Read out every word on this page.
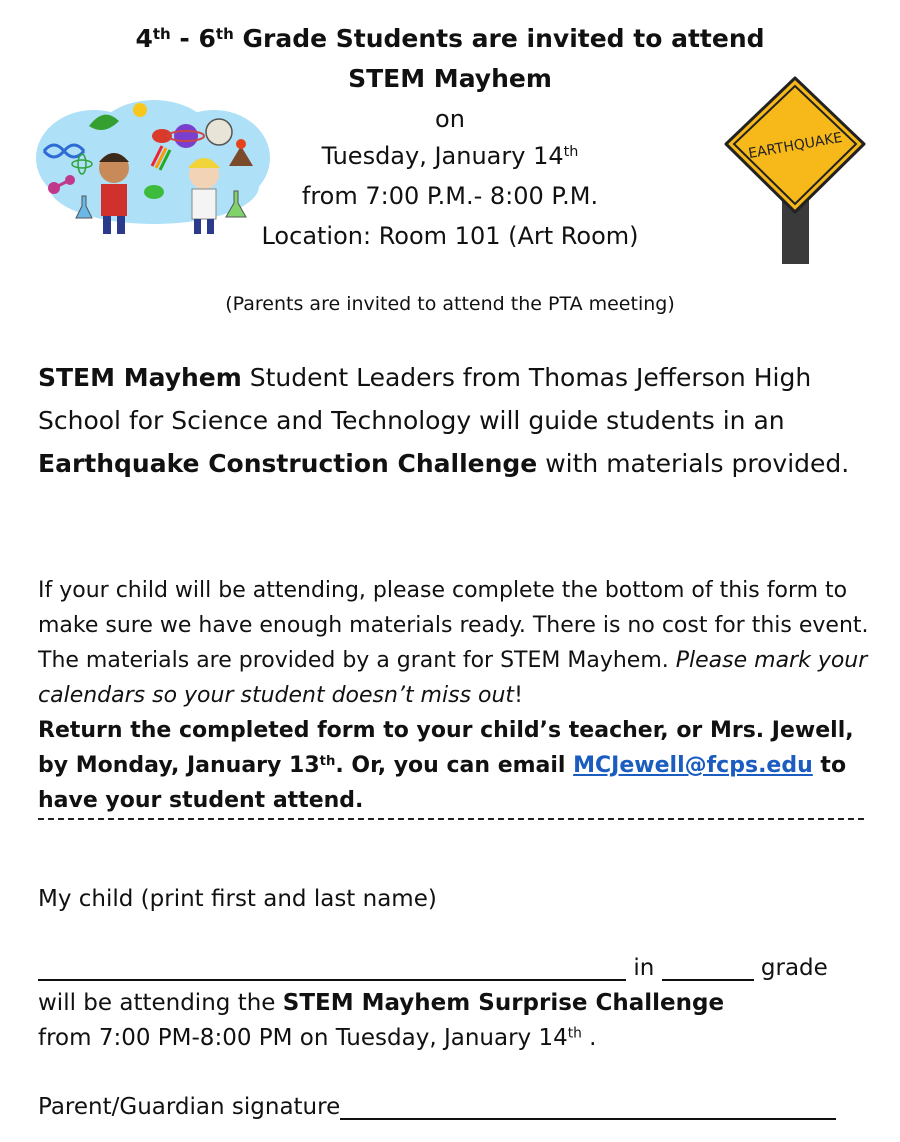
4th - 6th Grade Students are invited to attend
STEM Mayhem
on
Tuesday, January 14th
from 7:00 P.M.- 8:00 P.M.
Location: Room 101 (Art Room)
(Parents are invited to attend the PTA meeting)
EARTHQUAKE
STEM Mayhem Student Leaders from Thomas Jefferson High School for Science and Technology will guide students in an Earthquake Construction Challenge with materials provided.
If your child will be attending, please complete the bottom of this form to make sure we have enough materials ready. There is no cost for this event. The materials are provided by a grant for STEM Mayhem. Please mark your calendars so your student doesn’t miss out!
Return the completed form to your child’s teacher, or Mrs. Jewell, by Monday, January 13th. Or, you can email MCJewell@fcps.edu to have your student attend.
My child (print first and last name)
in	grade
will be attending the STEM Mayhem Surprise Challenge
from 7:00 PM-8:00 PM on Tuesday, January 14th .
Parent/Guardian signature
